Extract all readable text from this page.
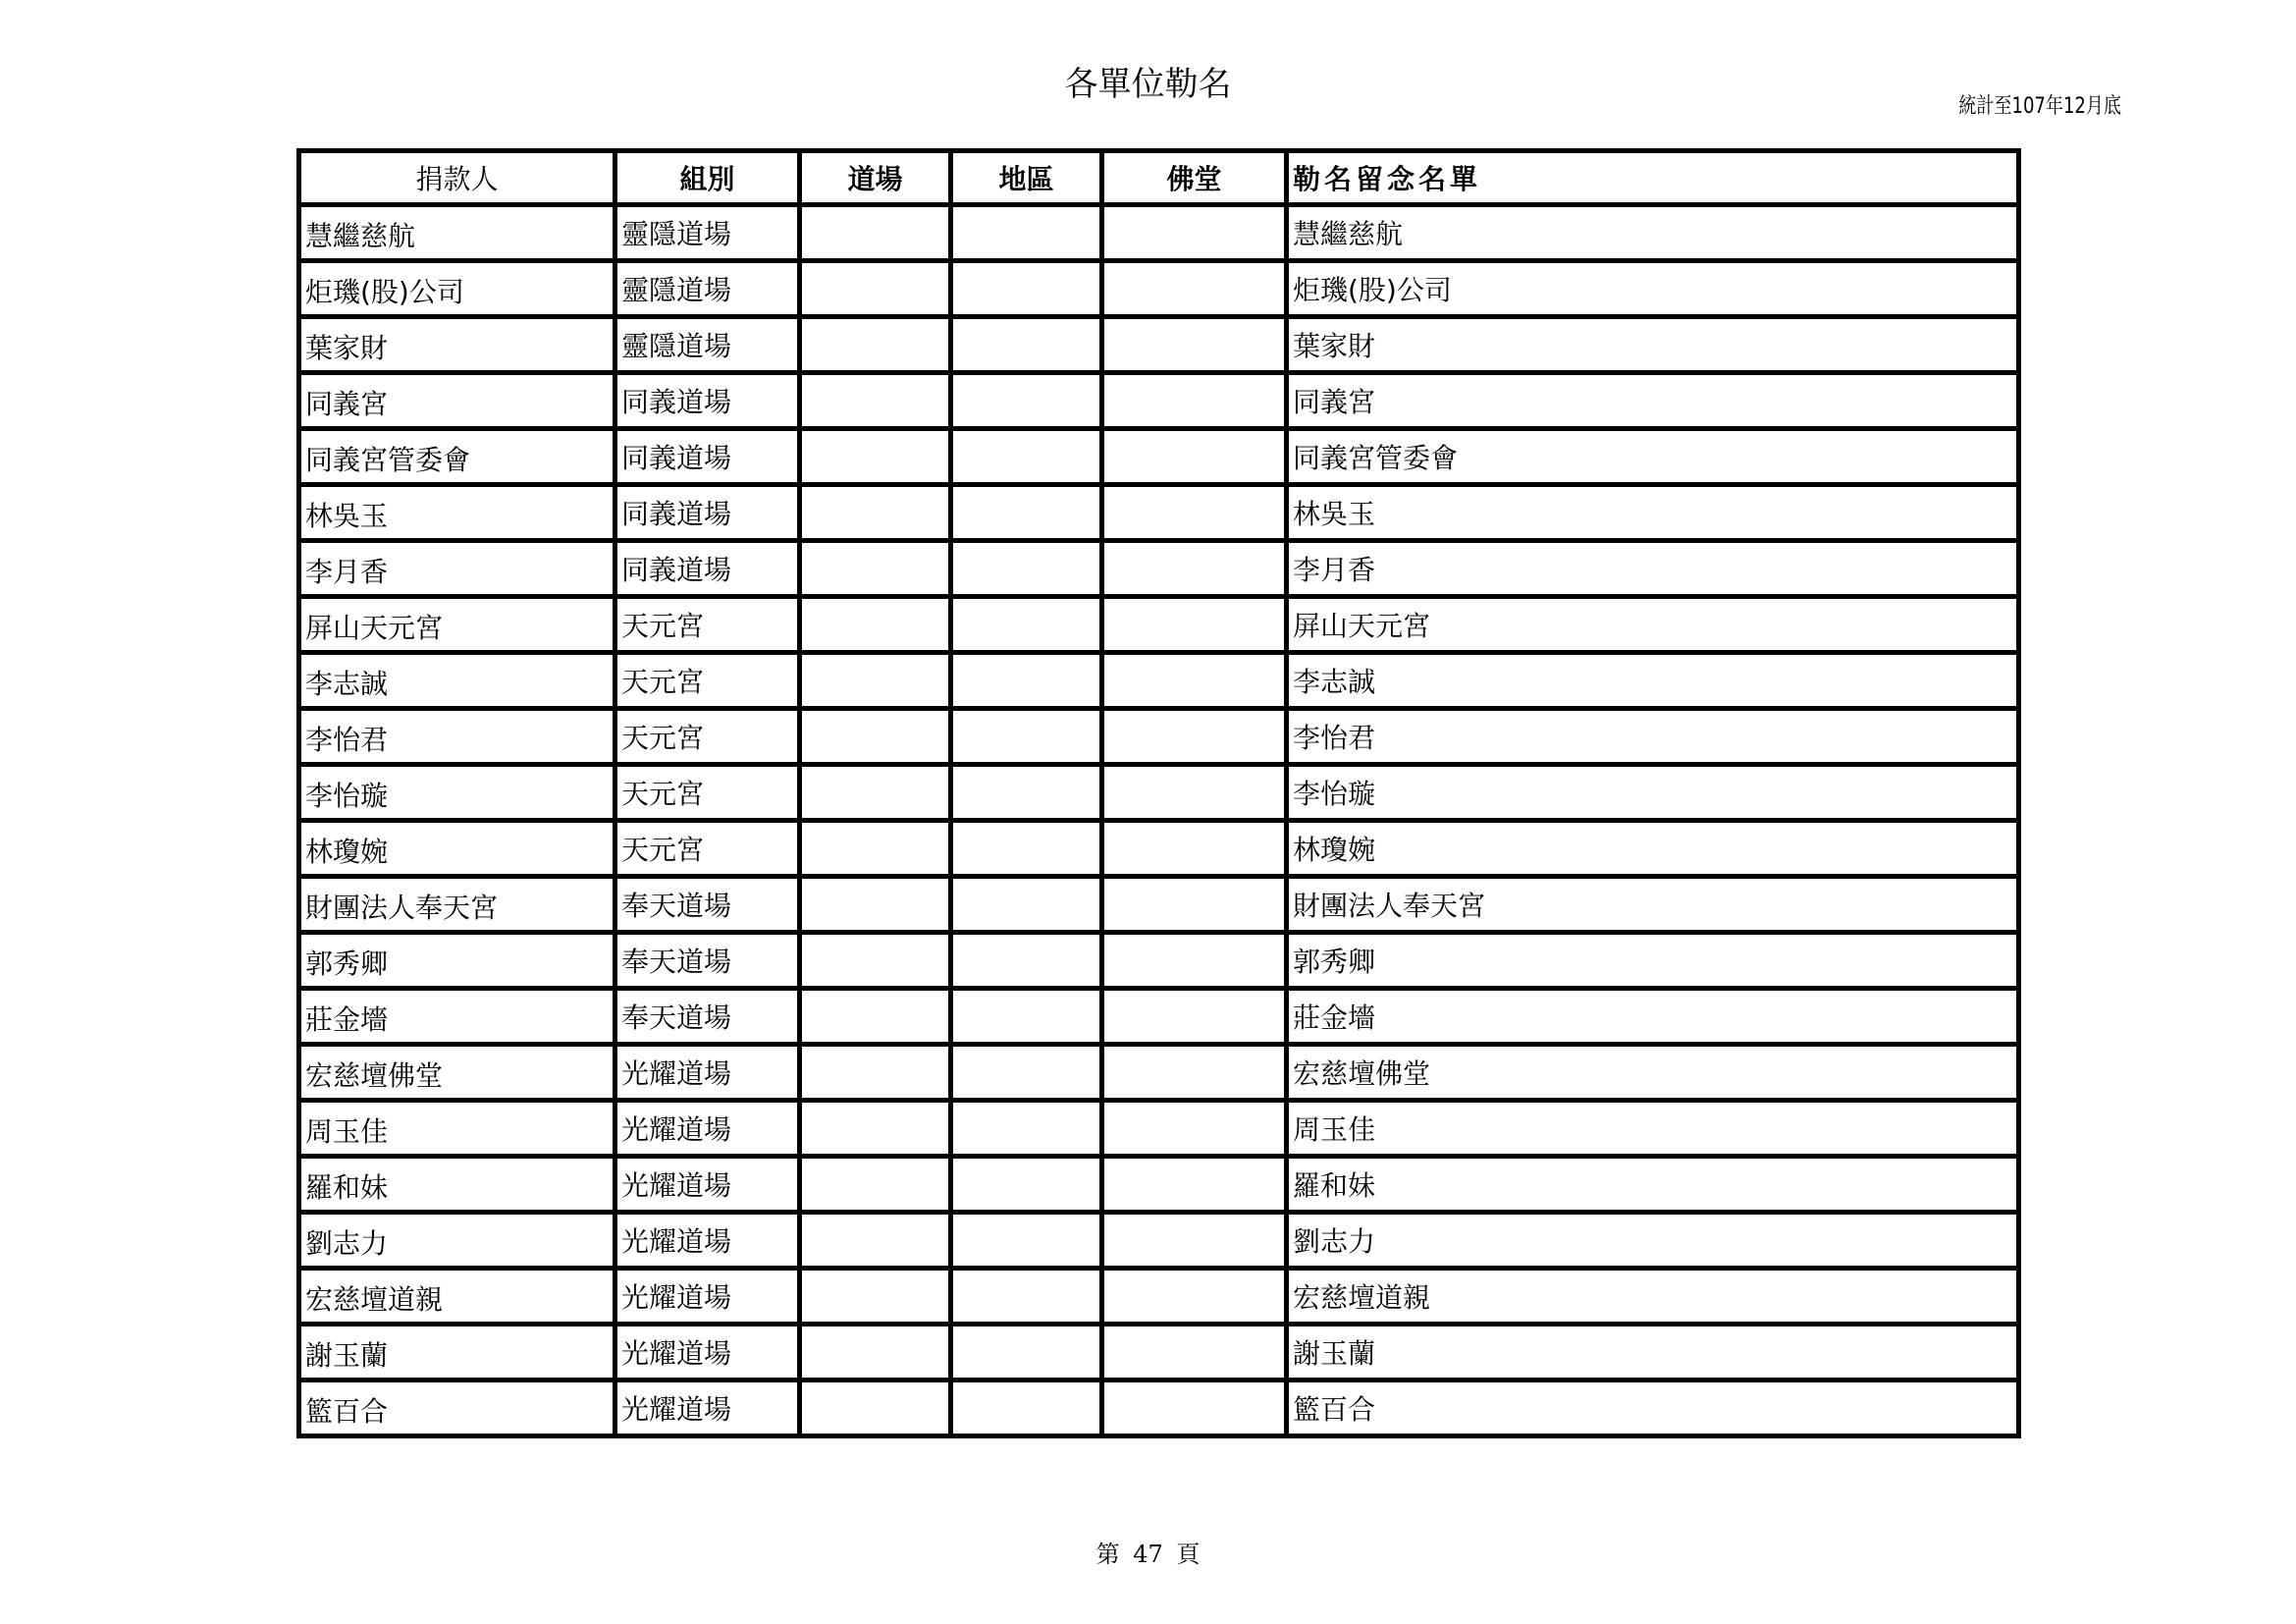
各單位勒名
統計至107年12月底
捐款人	組別	道場	地區	佛堂	勒名留念名單
慧繼慈航	靈隱道場				慧繼慈航
炬璣(股)公司	靈隱道場				炬璣(股)公司
葉家財	靈隱道場				葉家財
同義宮	同義道場				同義宮
同義宮管委會	同義道場				同義宮管委會
林吳玉	同義道場				林吳玉
李月香	同義道場				李月香
屏山天元宮	天元宮				屏山天元宮
李志誠	天元宮				李志誠
李怡君	天元宮				李怡君
李怡璇	天元宮				李怡璇
林瓊婉	天元宮				林瓊婉
財團法人奉天宮	奉天道場				財團法人奉天宮
郭秀卿	奉天道場				郭秀卿
莊金墻	奉天道場				莊金墻
宏慈壇佛堂	光耀道場				宏慈壇佛堂
周玉佳	光耀道場				周玉佳
羅和妹	光耀道場				羅和妹
劉志力	光耀道場				劉志力
宏慈壇道親	光耀道場				宏慈壇道親
謝玉蘭	光耀道場				謝玉蘭
籃百合	光耀道場				籃百合
第 47 頁
